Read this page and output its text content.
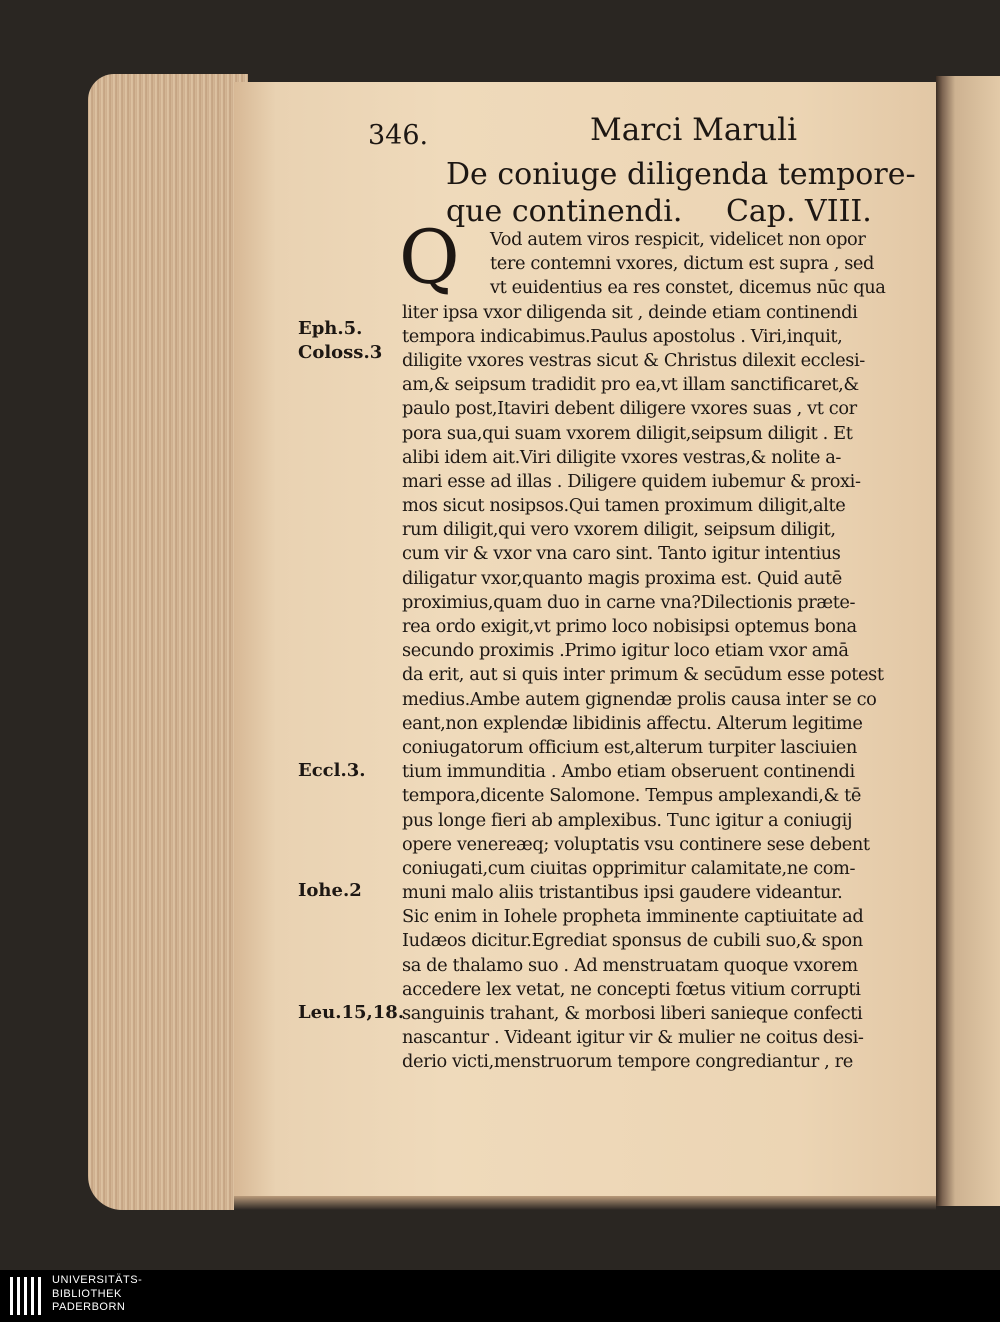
346.	Marci Maruli
De coniuge diligenda tempore-
que continendi. Cap. VIII.
Q	Vod autem viros respicit, videlicet non opor
tere contemni vxores, dictum est supra , sed
vt euidentius ea res constet, dicemus nūc qua
liter ipsa vxor diligenda sit , deinde etiam continendi
tempora indicabimus.Paulus apostolus . Viri,inquit,
diligite vxores vestras sicut & Christus dilexit ecclesi-
am,& seipsum tradidit pro ea,vt illam sanctificaret,&
paulo post,Itaviri debent diligere vxores suas , vt cor
pora sua,qui suam vxorem diligit,seipsum diligit . Et
alibi idem ait.Viri diligite vxores vestras,& nolite a-
mari esse ad illas . Diligere quidem iubemur & proxi-
mos sicut nosipsos.Qui tamen proximum diligit,alte
rum diligit,qui vero vxorem diligit, seipsum diligit,
cum vir & vxor vna caro sint. Tanto igitur intentius
diligatur vxor,quanto magis proxima est. Quid autē
proximius,quam duo in carne vna?Dilectionis præte-
rea ordo exigit,vt primo loco nobisipsi optemus bona
secundo proximis .Primo igitur loco etiam vxor amā
da erit, aut si quis inter primum & secūdum esse potest
medius.Ambe autem gignendæ prolis causa inter se co
eant,non explendæ libidinis affectu. Alterum legitime
coniugatorum officium est,alterum turpiter lasciuien
tium immunditia . Ambo etiam obseruent continendi
tempora,dicente Salomone. Tempus amplexandi,& tē
pus longe fieri ab amplexibus. Tunc igitur a coniugij
opere venereæq; voluptatis vsu continere sese debent
coniugati,cum ciuitas opprimitur calamitate,ne com-
muni malo aliis tristantibus ipsi gaudere videantur.
Sic enim in Iohele propheta imminente captiuitate ad
Iudæos dicitur.Egrediat sponsus de cubili suo,& spon
sa de thalamo suo . Ad menstruatam quoque vxorem
accedere lex vetat, ne concepti fœtus vitium corrupti
sanguinis trahant, & morbosi liberi sanieque confecti
nascantur . Videant igitur vir & mulier ne coitus desi-
derio victi,menstruorum tempore congrediantur , re
Eph.5.
Coloss.3
Eccl.3.
Iohe.2
Leu.15,18.
UNIVERSITÄTS-
BIBLIOTHEK
PADERBORN
